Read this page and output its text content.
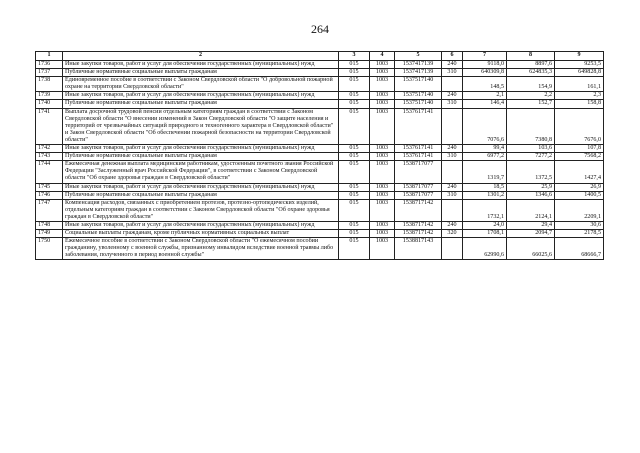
264
1	2	3	4	5	6	7	8	9
1736	Иные закупки товаров, работ и услуг для обеспечения государственных (муниципальных) нужд	015	1003	1537417139	240	9118,0	8897,6	9253,5
1737	Публичные нормативные социальные выплаты гражданам	015	1003	1537417139	310	640309,8	624835,3	649828,8
1738	Единовременное пособие в соответствии с Законом Свердловской области "О добровольной пожарной охране на территории Свердловской области"	015	1003	1537517140		148,5	154,9	161,1
1739	Иные закупки товаров, работ и услуг для обеспечения государственных (муниципальных) нужд	015	1003	1537517140	240	2,1	2,2	2,3
1740	Публичные нормативные социальные выплаты гражданам	015	1003	1537517140	310	146,4	152,7	158,8
1741	Выплата досрочной трудовой пенсии отдельным категориям граждан в соответствии с Законом Свердловской области "О внесении изменений в Закон Свердловской области "О защите населения и территорий от чрезвычайных ситуаций природного и техногенного характера в Свердловской области" и Закон Свердловской области "Об обеспечении пожарной безопасности на территории Свердловской области"	015	1003	1537617141		7076,6	7380,8	7676,0
1742	Иные закупки товаров, работ и услуг для обеспечения государственных (муниципальных) нужд	015	1003	1537617141	240	99,4	103,6	107,8
1743	Публичные нормативные социальные выплаты гражданам	015	1003	1537617141	310	6977,2	7277,2	7568,2
1744	Ежемесячная денежная выплата медицинским работникам, удостоенным почетного звания Российской Федерации "Заслуженный врач Российской Федерации", в соответствии с Законом Свердловской области "Об охране здоровья граждан в Свердловской области"	015	1003	1538717077		1319,7	1372,5	1427,4
1745	Иные закупки товаров, работ и услуг для обеспечения государственных (муниципальных) нужд	015	1003	1538717077	240	18,5	25,9	26,9
1746	Публичные нормативные социальные выплаты гражданам	015	1003	1538717077	310	1301,2	1346,6	1400,5
1747	Компенсация расходов, связанных с приобретением протезов, протезно-ортопедических изделий, отдельным категориям граждан в соответствии с Законом Свердловской области "Об охране здоровья граждан в Свердловской области"	015	1003	1538717142		1732,1	2124,1	2209,1
1748	Иные закупки товаров, работ и услуг для обеспечения государственных (муниципальных) нужд	015	1003	1538717142	240	24,0	29,4	30,6
1749	Социальные выплаты гражданам, кроме публичных нормативных социальных выплат	015	1003	1538717142	320	1708,1	2094,7	2178,5
1750	Ежемесячное пособие в соответствии с Законом Свердловской области "О ежемесячном пособии гражданину, уволенному с военной службы, признанному инвалидом вследствие военной травмы либо заболевания, полученного в период военной службы"	015	1003	1538817143		62990,6	66025,6	68666,7
